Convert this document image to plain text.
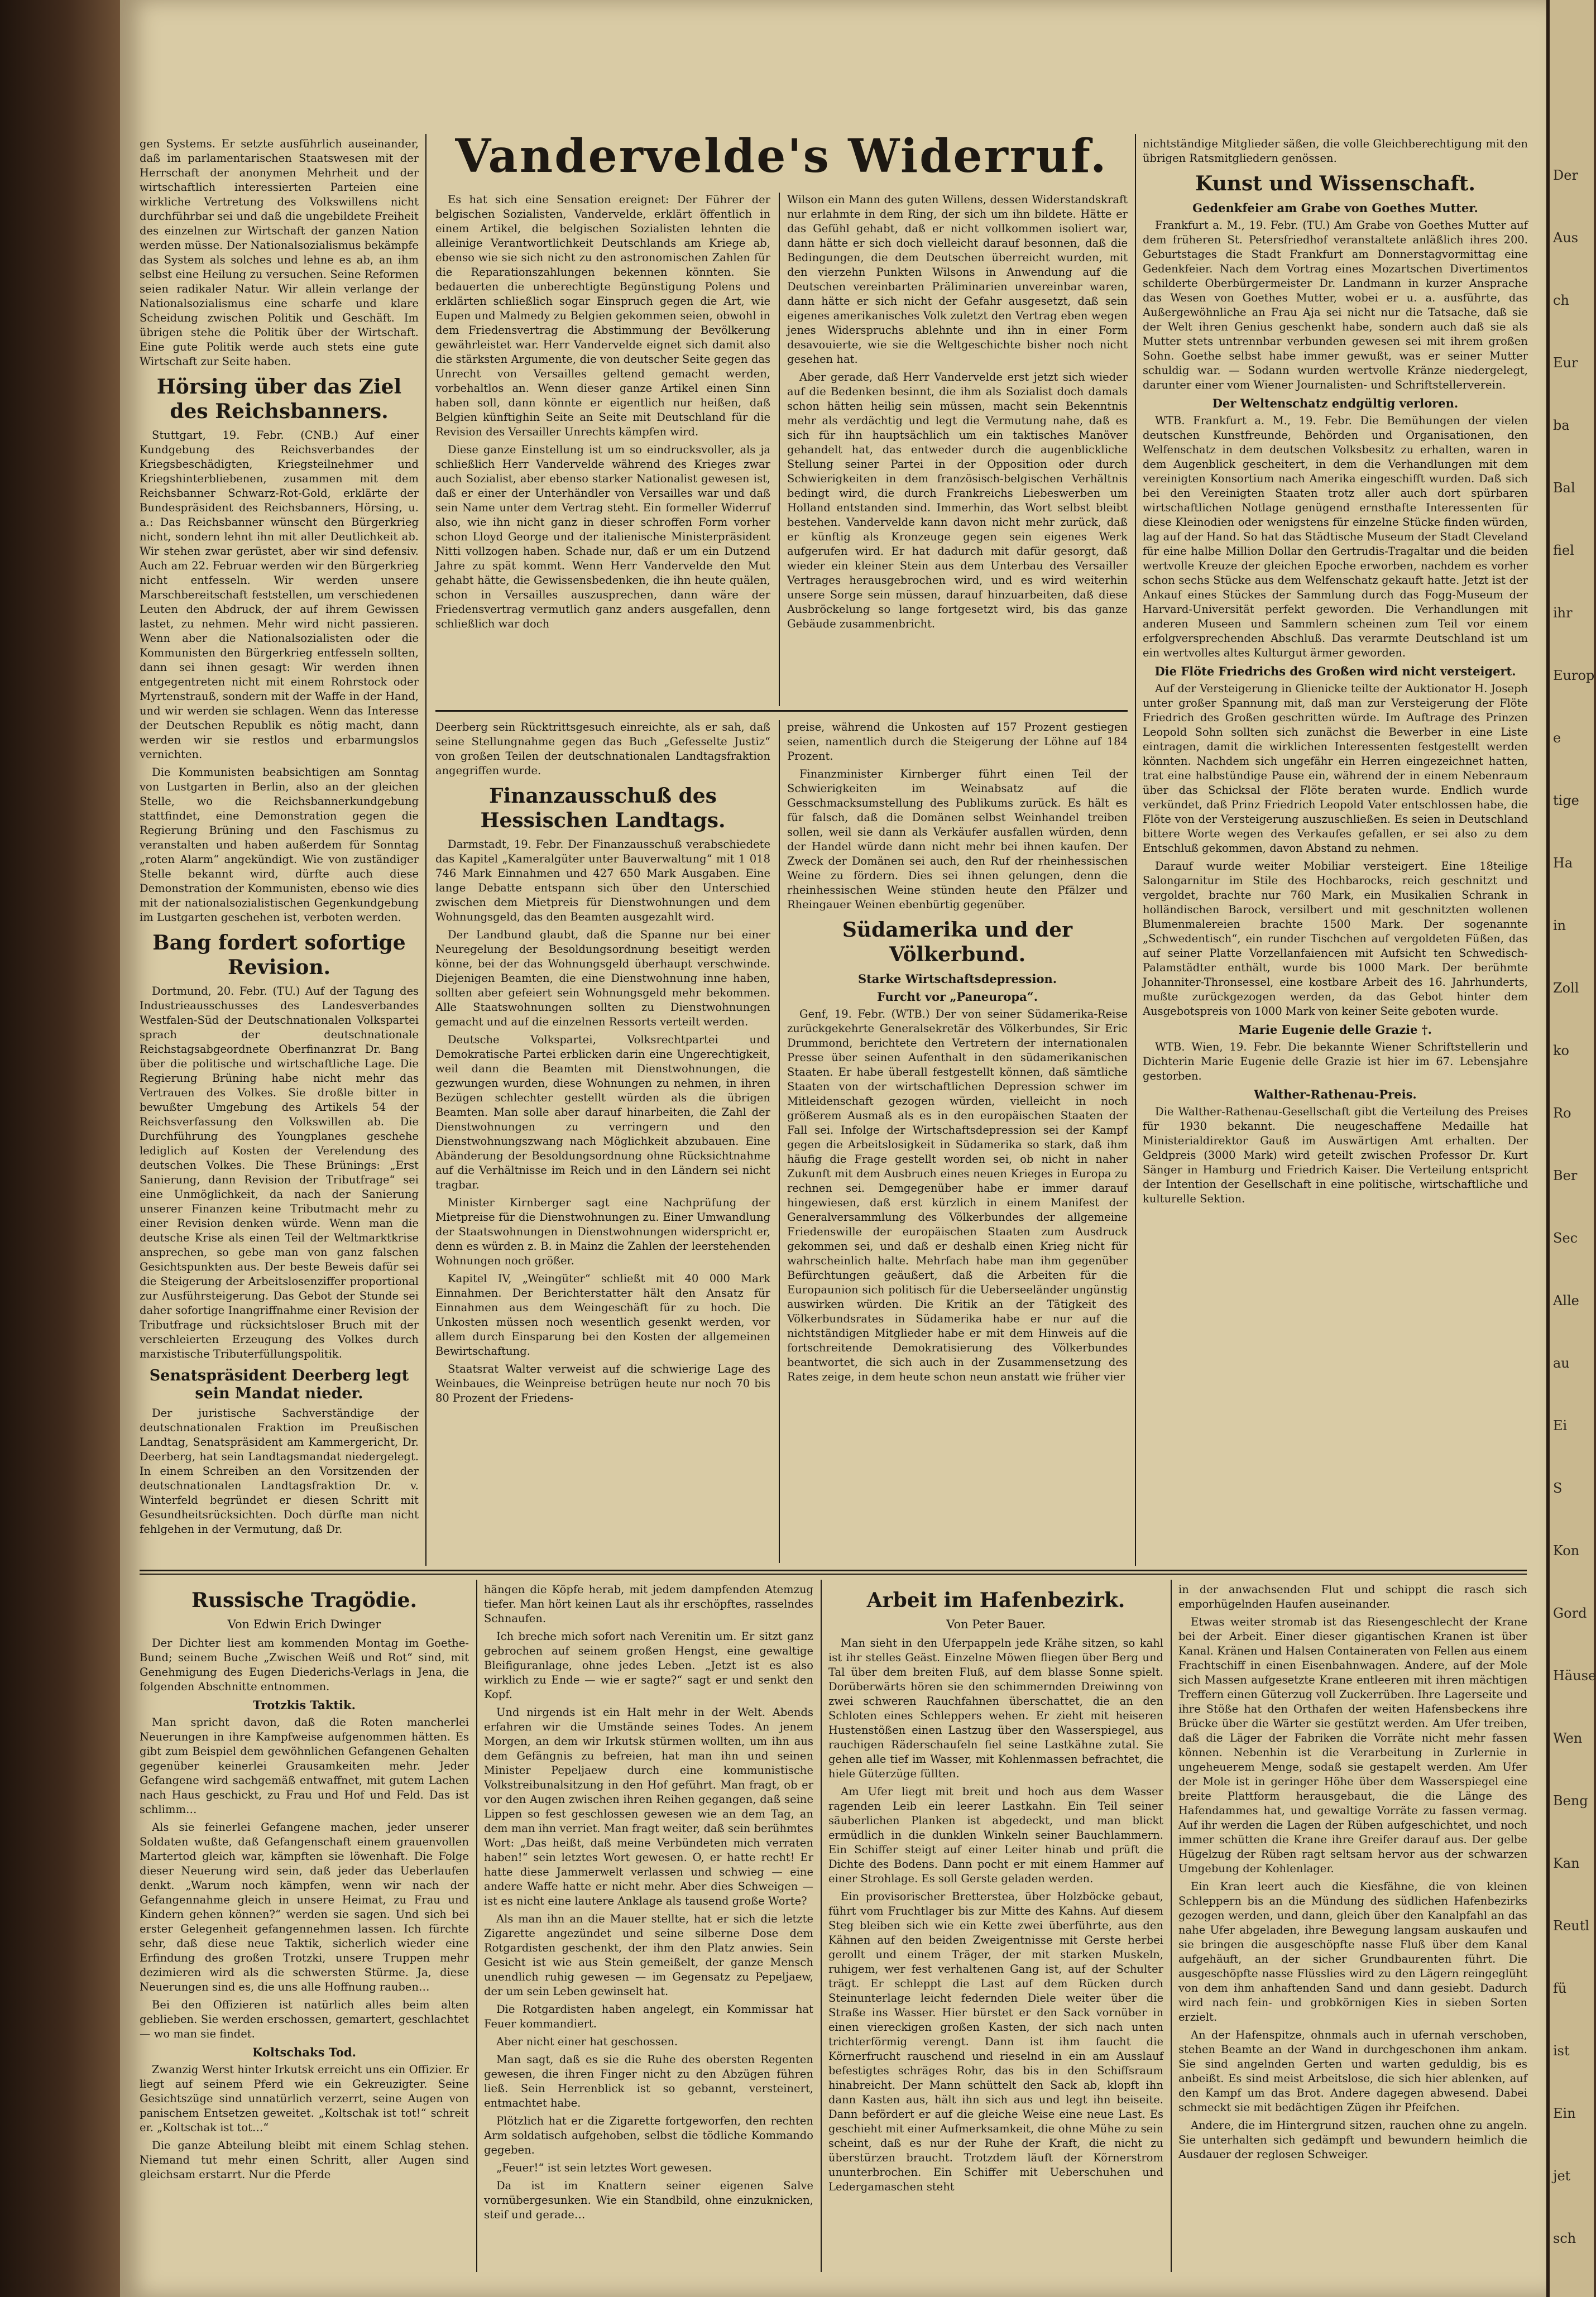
gen Systems. Er setzte ausführlich auseinander, daß im parlamentarischen Staatswesen mit der Herrschaft der anonymen Mehrheit und der wirtschaftlich interessierten Parteien eine wirkliche Vertretung des Volkswillens nicht durchführbar sei und daß die ungebildete Freiheit des einzelnen zur Wirtschaft der ganzen Nation werden müsse. Der Nationalsozialismus bekämpfe das System als solches und lehne es ab, an ihm selbst eine Heilung zu versuchen. Seine Reformen seien radikaler Natur. Wir allein verlange der Nationalsozialismus eine scharfe und klare Scheidung zwischen Politik und Geschäft. Im übrigen stehe die Politik über der Wirtschaft. Eine gute Politik werde auch stets eine gute Wirtschaft zur Seite haben.

Hörsing über das Ziel des Reichsbanners.

Stuttgart, 19. Febr. (CNB.) Auf einer Kundgebung des Reichsverbandes der Kriegsbeschädigten, Kriegsteilnehmer und Kriegshinterbliebenen, zusammen mit dem Reichsbanner Schwarz-Rot-Gold, erklärte der Bundespräsident des Reichsbanners, Hörsing, u. a.: Das Reichsbanner wünscht den Bürgerkrieg nicht, sondern lehnt ihn mit aller Deutlichkeit ab. Wir stehen zwar gerüstet, aber wir sind defensiv. Auch am 22. Februar werden wir den Bürgerkrieg nicht entfesseln. Wir werden unsere Marschbereitschaft feststellen, um verschiedenen Leuten den Abdruck, der auf ihrem Gewissen lastet, zu nehmen. Mehr wird nicht passieren. Wenn aber die Nationalsozialisten oder die Kommunisten den Bürgerkrieg entfesseln sollten, dann sei ihnen gesagt: Wir werden ihnen entgegentreten nicht mit einem Rohrstock oder Myrtenstrauß, sondern mit der Waffe in der Hand, und wir werden sie schlagen. Wenn das Interesse der Deutschen Republik es nötig macht, dann werden wir sie restlos und erbarmungslos vernichten.

Die Kommunisten beabsichtigen am Sonntag von Lustgarten in Berlin, also an der gleichen Stelle, wo die Reichsbannerkundgebung stattfindet, eine Demonstration gegen die Regierung Brüning und den Faschismus zu veranstalten und haben außerdem für Sonntag „roten Alarm“ angekündigt. Wie von zuständiger Stelle bekannt wird, dürfte auch diese Demonstration der Kommunisten, ebenso wie dies mit der nationalsozialistischen Gegenkundgebung im Lustgarten geschehen ist, verboten werden.

Bang fordert sofortige Revision.

Dortmund, 20. Febr. (TU.) Auf der Tagung des Industrieausschusses des Landesverbandes Westfalen-Süd der Deutschnationalen Volkspartei sprach der deutschnationale Reichstagsabgeordnete Oberfinanzrat Dr. Bang über die politische und wirtschaftliche Lage. Die Regierung Brüning habe nicht mehr das Vertrauen des Volkes. Sie droßle bitter in bewußter Umgebung des Artikels 54 der Reichsverfassung den Volkswillen ab. Die Durchführung des Youngplanes geschehe lediglich auf Kosten der Verelendung des deutschen Volkes. Die These Brünings: „Erst Sanierung, dann Revision der Tributfrage“ sei eine Unmöglichkeit, da nach der Sanierung unserer Finanzen keine Tributmacht mehr zu einer Revision denken würde. Wenn man die deutsche Krise als einen Teil der Weltmarktkrise ansprechen, so gebe man von ganz falschen Gesichtspunkten aus. Der beste Beweis dafür sei die Steigerung der Arbeitslosenziffer proportional zur Ausführsteigerung. Das Gebot der Stunde sei daher sofortige Inangriffnahme einer Revision der Tributfrage und rücksichtsloser Bruch mit der verschleierten Erzeugung des Volkes durch marxistische Tributerfüllungspolitik.

Senatspräsident Deerberg legt sein Mandat nieder.

Der juristische Sachverständige der deutschnationalen Fraktion im Preußischen Landtag, Senatspräsident am Kammergericht, Dr. Deerberg, hat sein Landtagsmandat niedergelegt. In einem Schreiben an den Vorsitzenden der deutschnationalen Landtagsfraktion Dr. v. Winterfeld begründet er diesen Schritt mit Gesundheitsrücksichten. Doch dürfte man nicht fehlgehen in der Vermutung, daß Dr.

Vandervelde's Widerruf.

Es hat sich eine Sensation ereignet: Der Führer der belgischen Sozialisten, Vandervelde, erklärt öffentlich in einem Artikel, die belgischen Sozialisten lehnten die alleinige Verantwortlichkeit Deutschlands am Kriege ab, ebenso wie sie sich nicht zu den astronomischen Zahlen für die Reparationszahlungen bekennen könnten. Sie bedauerten die unberechtigte Begünstigung Polens und erklärten schließlich sogar Einspruch gegen die Art, wie Eupen und Malmedy zu Belgien gekommen seien, obwohl in dem Friedensvertrag die Abstimmung der Bevölkerung gewährleistet war. Herr Vandervelde eignet sich damit also die stärksten Argumente, die von deutscher Seite gegen das Unrecht von Versailles geltend gemacht werden, vorbehaltlos an. Wenn dieser ganze Artikel einen Sinn haben soll, dann könnte er eigentlich nur heißen, daß Belgien künftighin Seite an Seite mit Deutschland für die Revision des Versailler Unrechts kämpfen wird.

Diese ganze Einstellung ist um so eindrucksvoller, als ja schließlich Herr Vandervelde während des Krieges zwar auch Sozialist, aber ebenso starker Nationalist gewesen ist, daß er einer der Unterhändler von Versailles war und daß sein Name unter dem Vertrag steht. Ein formeller Widerruf also, wie ihn nicht ganz in dieser schroffen Form vorher schon Lloyd George und der italienische Ministerpräsident Nitti vollzogen haben. Schade nur, daß er um ein Dutzend Jahre zu spät kommt. Wenn Herr Vandervelde den Mut gehabt hätte, die Gewissensbedenken, die ihn heute quälen, schon in Versailles auszusprechen, dann wäre der Friedensvertrag vermutlich ganz anders ausgefallen, denn schließlich war doch

Wilson ein Mann des guten Willens, dessen Widerstandskraft nur erlahmte in dem Ring, der sich um ihn bildete. Hätte er das Gefühl gehabt, daß er nicht vollkommen isoliert war, dann hätte er sich doch vielleicht darauf besonnen, daß die Bedingungen, die dem Deutschen überreicht wurden, mit den vierzehn Punkten Wilsons in Anwendung auf die Deutschen vereinbarten Präliminarien unvereinbar waren, dann hätte er sich nicht der Gefahr ausgesetzt, daß sein eigenes amerikanisches Volk zuletzt den Vertrag eben wegen jenes Widerspruchs ablehnte und ihn in einer Form desavouierte, wie sie die Weltgeschichte bisher noch nicht gesehen hat.

Aber gerade, daß Herr Vandervelde erst jetzt sich wieder auf die Bedenken besinnt, die ihm als Sozialist doch damals schon hätten heilig sein müssen, macht sein Bekenntnis mehr als verdächtig und legt die Vermutung nahe, daß es sich für ihn hauptsächlich um ein taktisches Manöver gehandelt hat, das entweder durch die augenblickliche Stellung seiner Partei in der Opposition oder durch Schwierigkeiten in dem französisch-belgischen Verhältnis bedingt wird, die durch Frankreichs Liebeswerben um Holland entstanden sind. Immerhin, das Wort selbst bleibt bestehen. Vandervelde kann davon nicht mehr zurück, daß er künftig als Kronzeuge gegen sein eigenes Werk aufgerufen wird. Er hat dadurch mit dafür gesorgt, daß wieder ein kleiner Stein aus dem Unterbau des Versailler Vertrages herausgebrochen wird, und es wird weiterhin unsere Sorge sein müssen, darauf hinzuarbeiten, daß diese Ausbröckelung so lange fortgesetzt wird, bis das ganze Gebäude zusammenbricht.

Deerberg sein Rücktrittsgesuch einreichte, als er sah, daß seine Stellungnahme gegen das Buch „Gefesselte Justiz“ von großen Teilen der deutschnationalen Landtagsfraktion angegriffen wurde.

Finanzausschuß des Hessischen Landtags.

Darmstadt, 19. Febr. Der Finanzausschuß verabschiedete das Kapitel „Kameralgüter unter Bauverwaltung“ mit 1 018 746 Mark Einnahmen und 427 650 Mark Ausgaben. Eine lange Debatte entspann sich über den Unterschied zwischen dem Mietpreis für Dienstwohnungen und dem Wohnungsgeld, das den Beamten ausgezahlt wird.

Der Landbund glaubt, daß die Spanne nur bei einer Neuregelung der Besoldungsordnung beseitigt werden könne, bei der das Wohnungsgeld überhaupt verschwinde. Diejenigen Beamten, die eine Dienstwohnung inne haben, sollten aber gefeiert sein Wohnungsgeld mehr bekommen. Alle Staatswohnungen sollten zu Dienstwohnungen gemacht und auf die einzelnen Ressorts verteilt werden.

Deutsche Volkspartei, Volksrechtpartei und Demokratische Partei erblicken darin eine Ungerechtigkeit, weil dann die Beamten mit Dienstwohnungen, die gezwungen wurden, diese Wohnungen zu nehmen, in ihren Bezügen schlechter gestellt würden als die übrigen Beamten. Man solle aber darauf hinarbeiten, die Zahl der Dienstwohnungen zu verringern und den Dienstwohnungszwang nach Möglichkeit abzubauen. Eine Abänderung der Besoldungsordnung ohne Rücksichtnahme auf die Verhältnisse im Reich und in den Ländern sei nicht tragbar.

Minister Kirnberger sagt eine Nachprüfung der Mietpreise für die Dienstwohnungen zu. Einer Umwandlung der Staatswohnungen in Dienstwohnungen widerspricht er, denn es würden z. B. in Mainz die Zahlen der leerstehenden Wohnungen noch größer.

Kapitel IV, „Weingüter“ schließt mit 40 000 Mark Einnahmen. Der Berichterstatter hält den Ansatz für Einnahmen aus dem Weingeschäft für zu hoch. Die Unkosten müssen noch wesentlich gesenkt werden, vor allem durch Einsparung bei den Kosten der allgemeinen Bewirtschaftung.

Staatsrat Walter verweist auf die schwierige Lage des Weinbaues, die Weinpreise betrügen heute nur noch 70 bis 80 Prozent der Friedens-

preise, während die Unkosten auf 157 Prozent gestiegen seien, namentlich durch die Steigerung der Löhne auf 184 Prozent.

Finanzminister Kirnberger führt einen Teil der Schwierigkeiten im Weinabsatz auf die Gesschmacksumstellung des Publikums zurück. Es hält es für falsch, daß die Domänen selbst Weinhandel treiben sollen, weil sie dann als Verkäufer ausfallen würden, denn der Handel würde dann nicht mehr bei ihnen kaufen. Der Zweck der Domänen sei auch, den Ruf der rheinhessischen Weine zu fördern. Dies sei ihnen gelungen, denn die rheinhessischen Weine stünden heute den Pfälzer und Rheingauer Weinen ebenbürtig gegenüber.

Südamerika und der Völkerbund.
Starke Wirtschaftsdepression.
Furcht vor „Paneuropa“.

Genf, 19. Febr. (WTB.) Der von seiner Südamerika-Reise zurückgekehrte Generalsekretär des Völkerbundes, Sir Eric Drummond, berichtete den Vertretern der internationalen Presse über seinen Aufenthalt in den südamerikanischen Staaten. Er habe überall festgestellt können, daß sämtliche Staaten von der wirtschaftlichen Depression schwer im Mitleidenschaft gezogen würden, vielleicht in noch größerem Ausmaß als es in den europäischen Staaten der Fall sei. Infolge der Wirtschaftsdepression sei der Kampf gegen die Arbeitslosigkeit in Südamerika so stark, daß ihm häufig die Frage gestellt worden sei, ob nicht in naher Zukunft mit dem Ausbruch eines neuen Krieges in Europa zu rechnen sei. Demgegenüber habe er immer darauf hingewiesen, daß erst kürzlich in einem Manifest der Generalversammlung des Völkerbundes der allgemeine Friedenswille der europäischen Staaten zum Ausdruck gekommen sei, und daß er deshalb einen Krieg nicht für wahrscheinlich halte. Mehrfach habe man ihm gegenüber Befürchtungen geäußert, daß die Arbeiten für die Europaunion sich politisch für die Ueberseeländer ungünstig auswirken würden. Die Kritik an der Tätigkeit des Völkerbundsrates in Südamerika habe er nur auf die nichtständigen Mitglieder habe er mit dem Hinweis auf die fortschreitende Demokratisierung des Völkerbundes beantwortet, die sich auch in der Zusammensetzung des Rates zeige, in dem heute schon neun anstatt wie früher vier

nichtständige Mitglieder säßen, die volle Gleichberechtigung mit den übrigen Ratsmitgliedern genössen.

Kunst und Wissenschaft.
Gedenkfeier am Grabe von Goethes Mutter.

Frankfurt a. M., 19. Febr. (TU.) Am Grabe von Goethes Mutter auf dem früheren St. Petersfriedhof veranstaltete anläßlich ihres 200. Geburtstages die Stadt Frankfurt am Donnerstagvormittag eine Gedenkfeier. Nach dem Vortrag eines Mozartschen Divertimentos schilderte Oberbürgermeister Dr. Landmann in kurzer Ansprache das Wesen von Goethes Mutter, wobei er u. a. ausführte, das Außergewöhnliche an Frau Aja sei nicht nur die Tatsache, daß sie der Welt ihren Genius geschenkt habe, sondern auch daß sie als Mutter stets untrennbar verbunden gewesen sei mit ihrem großen Sohn. Goethe selbst habe immer gewußt, was er seiner Mutter schuldig war. — Sodann wurden wertvolle Kränze niedergelegt, darunter einer vom Wiener Journalisten- und Schriftstellerverein.

Der Weltenschatz endgültig verloren.

WTB. Frankfurt a. M., 19. Febr. Die Bemühungen der vielen deutschen Kunstfreunde, Behörden und Organisationen, den Welfenschatz in dem deutschen Volksbesitz zu erhalten, waren in dem Augenblick gescheitert, in dem die Verhandlungen mit dem vereinigten Konsortium nach Amerika eingeschifft wurden. Daß sich bei den Vereinigten Staaten trotz aller auch dort spürbaren wirtschaftlichen Notlage genügend ernsthafte Interessenten für diese Kleinodien oder wenigstens für einzelne Stücke finden würden, lag auf der Hand. So hat das Städtische Museum der Stadt Cleveland für eine halbe Million Dollar den Gertrudis-Tragaltar und die beiden wertvolle Kreuze der gleichen Epoche erworben, nachdem es vorher schon sechs Stücke aus dem Welfenschatz gekauft hatte. Jetzt ist der Ankauf eines Stückes der Sammlung durch das Fogg-Museum der Harvard-Universität perfekt geworden. Die Verhandlungen mit anderen Museen und Sammlern scheinen zum Teil vor einem erfolgversprechenden Abschluß. Das verarmte Deutschland ist um ein wertvolles altes Kulturgut ärmer geworden.

Die Flöte Friedrichs des Großen wird nicht versteigert.

Auf der Versteigerung in Glienicke teilte der Auktionator H. Joseph unter großer Spannung mit, daß man zur Versteigerung der Flöte Friedrich des Großen geschritten würde. Im Auftrage des Prinzen Leopold Sohn sollten sich zunächst die Bewerber in eine Liste eintragen, damit die wirklichen Interessenten festgestellt werden könnten. Nachdem sich ungefähr ein Herren eingezeichnet hatten, trat eine halbstündige Pause ein, während der in einem Nebenraum über das Schicksal der Flöte beraten wurde. Endlich wurde verkündet, daß Prinz Friedrich Leopold Vater entschlossen habe, die Flöte von der Versteigerung auszuschließen. Es seien in Deutschland bittere Worte wegen des Verkaufes gefallen, er sei also zu dem Entschluß gekommen, davon Abstand zu nehmen.

Darauf wurde weiter Mobiliar versteigert. Eine 18teilige Salongarnitur im Stile des Hochbarocks, reich geschnitzt und vergoldet, brachte nur 760 Mark, ein Musikalien Schrank in holländischen Barock, versilbert und mit geschnitzten wollenen Blumenmalereien brachte 1500 Mark. Der sogenannte „Schwedentisch“, ein runder Tischchen auf vergoldeten Füßen, das auf seiner Platte Vorzellanfaiencen mit Aufsicht ten Schwedisch-Palamstädter enthält, wurde bis 1000 Mark. Der berühmte Johanniter-Thronsessel, eine kostbare Arbeit des 16. Jahrhunderts, mußte zurückgezogen werden, da das Gebot hinter dem Ausgebotspreis von 1000 Mark von keiner Seite geboten wurde.

Marie Eugenie delle Grazie †.

WTB. Wien, 19. Febr. Die bekannte Wiener Schriftstellerin und Dichterin Marie Eugenie delle Grazie ist hier im 67. Lebensjahre gestorben.

Walther-Rathenau-Preis.

Die Walther-Rathenau-Gesellschaft gibt die Verteilung des Preises für 1930 bekannt. Die neugeschaffene Medaille hat Ministerialdirektor Gauß im Auswärtigen Amt erhalten. Der Geldpreis (3000 Mark) wird geteilt zwischen Professor Dr. Kurt Sänger in Hamburg und Friedrich Kaiser. Die Verteilung entspricht der Intention der Gesellschaft in eine politische, wirtschaftliche und kulturelle Sektion.

Russische Tragödie.
Von Edwin Erich Dwinger

Der Dichter liest am kommenden Montag im Goethe-Bund; seinem Buche „Zwischen Weiß und Rot“ sind, mit Genehmigung des Eugen Diederichs-Verlags in Jena, die folgenden Abschnitte entnommen.

Trotzkis Taktik.

Man spricht davon, daß die Roten mancherlei Neuerungen in ihre Kampfweise aufgenommen hätten. Es gibt zum Beispiel dem gewöhnlichen Gefangenen Gehalten gegenüber keinerlei Grausamkeiten mehr. Jeder Gefangene wird sachgemäß entwaffnet, mit gutem Lachen nach Haus geschickt, zu Frau und Hof und Feld. Das ist schlimm…

Als sie feinerlei Gefangene machen, jeder unserer Soldaten wußte, daß Gefangenschaft einem grauenvollen Martertod gleich war, kämpften sie löwenhaft. Die Folge dieser Neuerung wird sein, daß jeder das Ueberlaufen denkt. „Warum noch kämpfen, wenn wir nach der Gefangennahme gleich in unsere Heimat, zu Frau und Kindern gehen können?“ werden sie sagen. Und sich bei erster Gelegenheit gefangennehmen lassen. Ich fürchte sehr, daß diese neue Taktik, sicherlich wieder eine Erfindung des großen Trotzki, unsere Truppen mehr dezimieren wird als die schwersten Stürme. Ja, diese Neuerungen sind es, die uns alle Hoffnung rauben…

Bei den Offizieren ist natürlich alles beim alten geblieben. Sie werden erschossen, gemartert, geschlachtet — wo man sie findet.

Koltschaks Tod.

Zwanzig Werst hinter Irkutsk erreicht uns ein Offizier. Er liegt auf seinem Pferd wie ein Gekreuzigter. Seine Gesichtszüge sind unnatürlich verzerrt, seine Augen von panischem Entsetzen geweitet. „Koltschak ist tot!“ schreit er. „Koltschak ist tot…“

Die ganze Abteilung bleibt mit einem Schlag stehen. Niemand tut mehr einen Schritt, aller Augen sind gleichsam erstarrt. Nur die Pferde

hängen die Köpfe herab, mit jedem dampfenden Atemzug tiefer. Man hört keinen Laut als ihr erschöpftes, rasselndes Schnaufen.

Ich breche mich sofort nach Verenitin um. Er sitzt ganz gebrochen auf seinem großen Hengst, eine gewaltige Bleifiguranlage, ohne jedes Leben. „Jetzt ist es also wirklich zu Ende — wie er sagte?“ sagt er und senkt den Kopf.

Und nirgends ist ein Halt mehr in der Welt. Abends erfahren wir die Umstände seines Todes. An jenem Morgen, an dem wir Irkutsk stürmen wollten, um ihn aus dem Gefängnis zu befreien, hat man ihn und seinen Minister Pepeljaew durch eine kommunistische Volkstreibunalsitzung in den Hof geführt. Man fragt, ob er vor den Augen zwischen ihren Reihen gegangen, daß seine Lippen so fest geschlossen gewesen wie an dem Tag, an dem man ihn verriet. Man fragt weiter, daß sein berühmtes Wort: „Das heißt, daß meine Verbündeten mich verraten haben!“ sein letztes Wort gewesen. O, er hatte recht! Er hatte diese Jammerwelt verlassen und schwieg — eine andere Waffe hatte er nicht mehr. Aber dies Schweigen — ist es nicht eine lautere Anklage als tausend große Worte?

Als man ihn an die Mauer stellte, hat er sich die letzte Zigarette angezündet und seine silberne Dose dem Rotgardisten geschenkt, der ihm den Platz anwies. Sein Gesicht ist wie aus Stein gemeißelt, der ganze Mensch unendlich ruhig gewesen — im Gegensatz zu Pepeljaew, der um sein Leben gewinselt hat.

Die Rotgardisten haben angelegt, ein Kommissar hat Feuer kommandiert.

Aber nicht einer hat geschossen.

Man sagt, daß es sie die Ruhe des obersten Regenten gewesen, die ihren Finger nicht zu den Abzügen führen ließ. Sein Herrenblick ist so gebannt, versteinert, entmachtet habe.

Plötzlich hat er die Zigarette fortgeworfen, den rechten Arm soldatisch aufgehoben, selbst die tödliche Kommando gegeben.

„Feuer!“ ist sein letztes Wort gewesen.

Da ist im Knattern seiner eigenen Salve vornübergesunken. Wie ein Standbild, ohne einzuknicken, steif und gerade…

Arbeit im Hafenbezirk.
Von Peter Bauer.

Man sieht in den Uferpappeln jede Krähe sitzen, so kahl ist ihr stelles Geäst. Einzelne Möwen fliegen über Berg und Tal über dem breiten Fluß, auf dem blasse Sonne spielt. Dorüberwärts hören sie den schimmernden Dreiwinng von zwei schweren Rauchfahnen überschattet, die an den Schloten eines Schleppers wehen. Er zieht mit heiseren Hustenstößen einen Lastzug über den Wasserspiegel, aus rauchigen Räderschaufeln fiel seine Lastkähne zutal. Sie gehen alle tief im Wasser, mit Kohlenmassen befrachtet, die hiele Güterzüge füllten.

Am Ufer liegt mit breit und hoch aus dem Wasser ragenden Leib ein leerer Lastkahn. Ein Teil seiner säuberlichen Planken ist abgedeckt, und man blickt ermüdlich in die dunklen Winkeln seiner Bauchlammern. Ein Schiffer steigt auf einer Leiter hinab und prüft die Dichte des Bodens. Dann pocht er mit einem Hammer auf einer Strohlage. Es soll Gerste geladen werden.

Ein provisorischer Bretterstea, über Holzböcke gebaut, führt vom Fruchtlager bis zur Mitte des Kahns. Auf diesem Steg bleiben sich wie ein Kette zwei überführte, aus den Kähnen auf den beiden Zweigentnisse mit Gerste herbei gerollt und einem Träger, der mit starken Muskeln, ruhigem, wer fest verhaltenen Gang ist, auf der Schulter trägt. Er schleppt die Last auf dem Rücken durch Steinunterlage leicht federnden Diele weiter über die Straße ins Wasser. Hier bürstet er den Sack vornüber in einen viereckigen großen Kasten, der sich nach unten trichterförmig verengt. Dann ist ihm faucht die Körnerfrucht rauschend und rieselnd in ein am Ausslauf befestigtes schräges Rohr, das bis in den Schiffsraum hinabreicht. Der Mann schüttelt den Sack ab, klopft ihn dann Kasten aus, hält ihn sich aus und legt ihn beiseite. Dann befördert er auf die gleiche Weise eine neue Last. Es geschieht mit einer Aufmerksamkeit, die ohne Mühe zu sein scheint, daß es nur der Ruhe der Kraft, die nicht zu überstürzen braucht. Trotzdem läuft der Körnerstrom ununterbrochen. Ein Schiffer mit Ueberschuhen und Ledergamaschen steht

in der anwachsenden Flut und schippt die rasch sich emporhügelnden Haufen auseinander.

Etwas weiter stromab ist das Riesengeschlecht der Krane bei der Arbeit. Einer dieser gigantischen Kranen ist über Kanal. Kränen und Halsen Containeraten von Fellen aus einem Frachtschiff in einen Eisenbahnwagen. Andere, auf der Mole sich Massen aufgesetzte Krane entleeren mit ihren mächtigen Treffern einen Güterzug voll Zuckerrüben. Ihre Lagerseite und ihre Stöße hat den Orthafen der weiten Hafensbeckens ihre Brücke über die Wärter sie gestützt werden. Am Ufer treiben, daß die Läger der Fabriken die Vorräte nicht mehr fassen können. Nebenhin ist die Verarbeitung in Zurlernie in ungeheuerem Menge, sodaß sie gestapelt werden. Am Ufer der Mole ist in geringer Höhe über dem Wasserspiegel eine breite Plattform herausgebaut, die die Länge des Hafendammes hat, und gewaltige Vorräte zu fassen vermag. Auf ihr werden die Lagen der Rüben aufgeschichtet, und noch immer schütten die Krane ihre Greifer darauf aus. Der gelbe Hügelzug der Rüben ragt seltsam hervor aus der schwarzen Umgebung der Kohlenlager.

Ein Kran leert auch die Kiesfähne, die von kleinen Schleppern bis an die Mündung des südlichen Hafenbezirks gezogen werden, und dann, gleich über den Kanalpfahl an das nahe Ufer abgeladen, ihre Bewegung langsam auskaufen und sie bringen die ausgeschöpfte nasse Fluß über dem Kanal aufgehäuft, an der sicher Grundbaurenten führt. Die ausgeschöpfte nasse Flüsslies wird zu den Lägern reingeglüht von dem ihm anhaftenden Sand und dann gesiebt. Dadurch wird nach fein- und grobkörnigen Kies in sieben Sorten erzielt.

An der Hafenspitze, ohnmals auch in ufernah verschoben, stehen Beamte an der Wand in durchgeschonen ihm ankam. Sie sind angelnden Gerten und warten geduldig, bis es anbeißt. Es sind meist Arbeitslose, die sich hier ablenken, auf den Kampf um das Brot. Andere dagegen abwesend. Dabei schmeckt sie mit bedächtigen Zügen ihr Pfeifchen.

Andere, die im Hintergrund sitzen, rauchen ohne zu angeln. Sie unterhalten sich gedämpft und bewundern heimlich die Ausdauer der reglosen Schweiger.

Der
Aus
ch
Eur
ba
Bal
fiel
ihr
Europ
e
tige
Ha
in
Zoll
ko
Ro
Ber
Sec
Alle
au
Ei
S
Kon
Gord
Häuse
Wen
Beng
Kan
Reutl
fü
ist
Ein
jet
sch
